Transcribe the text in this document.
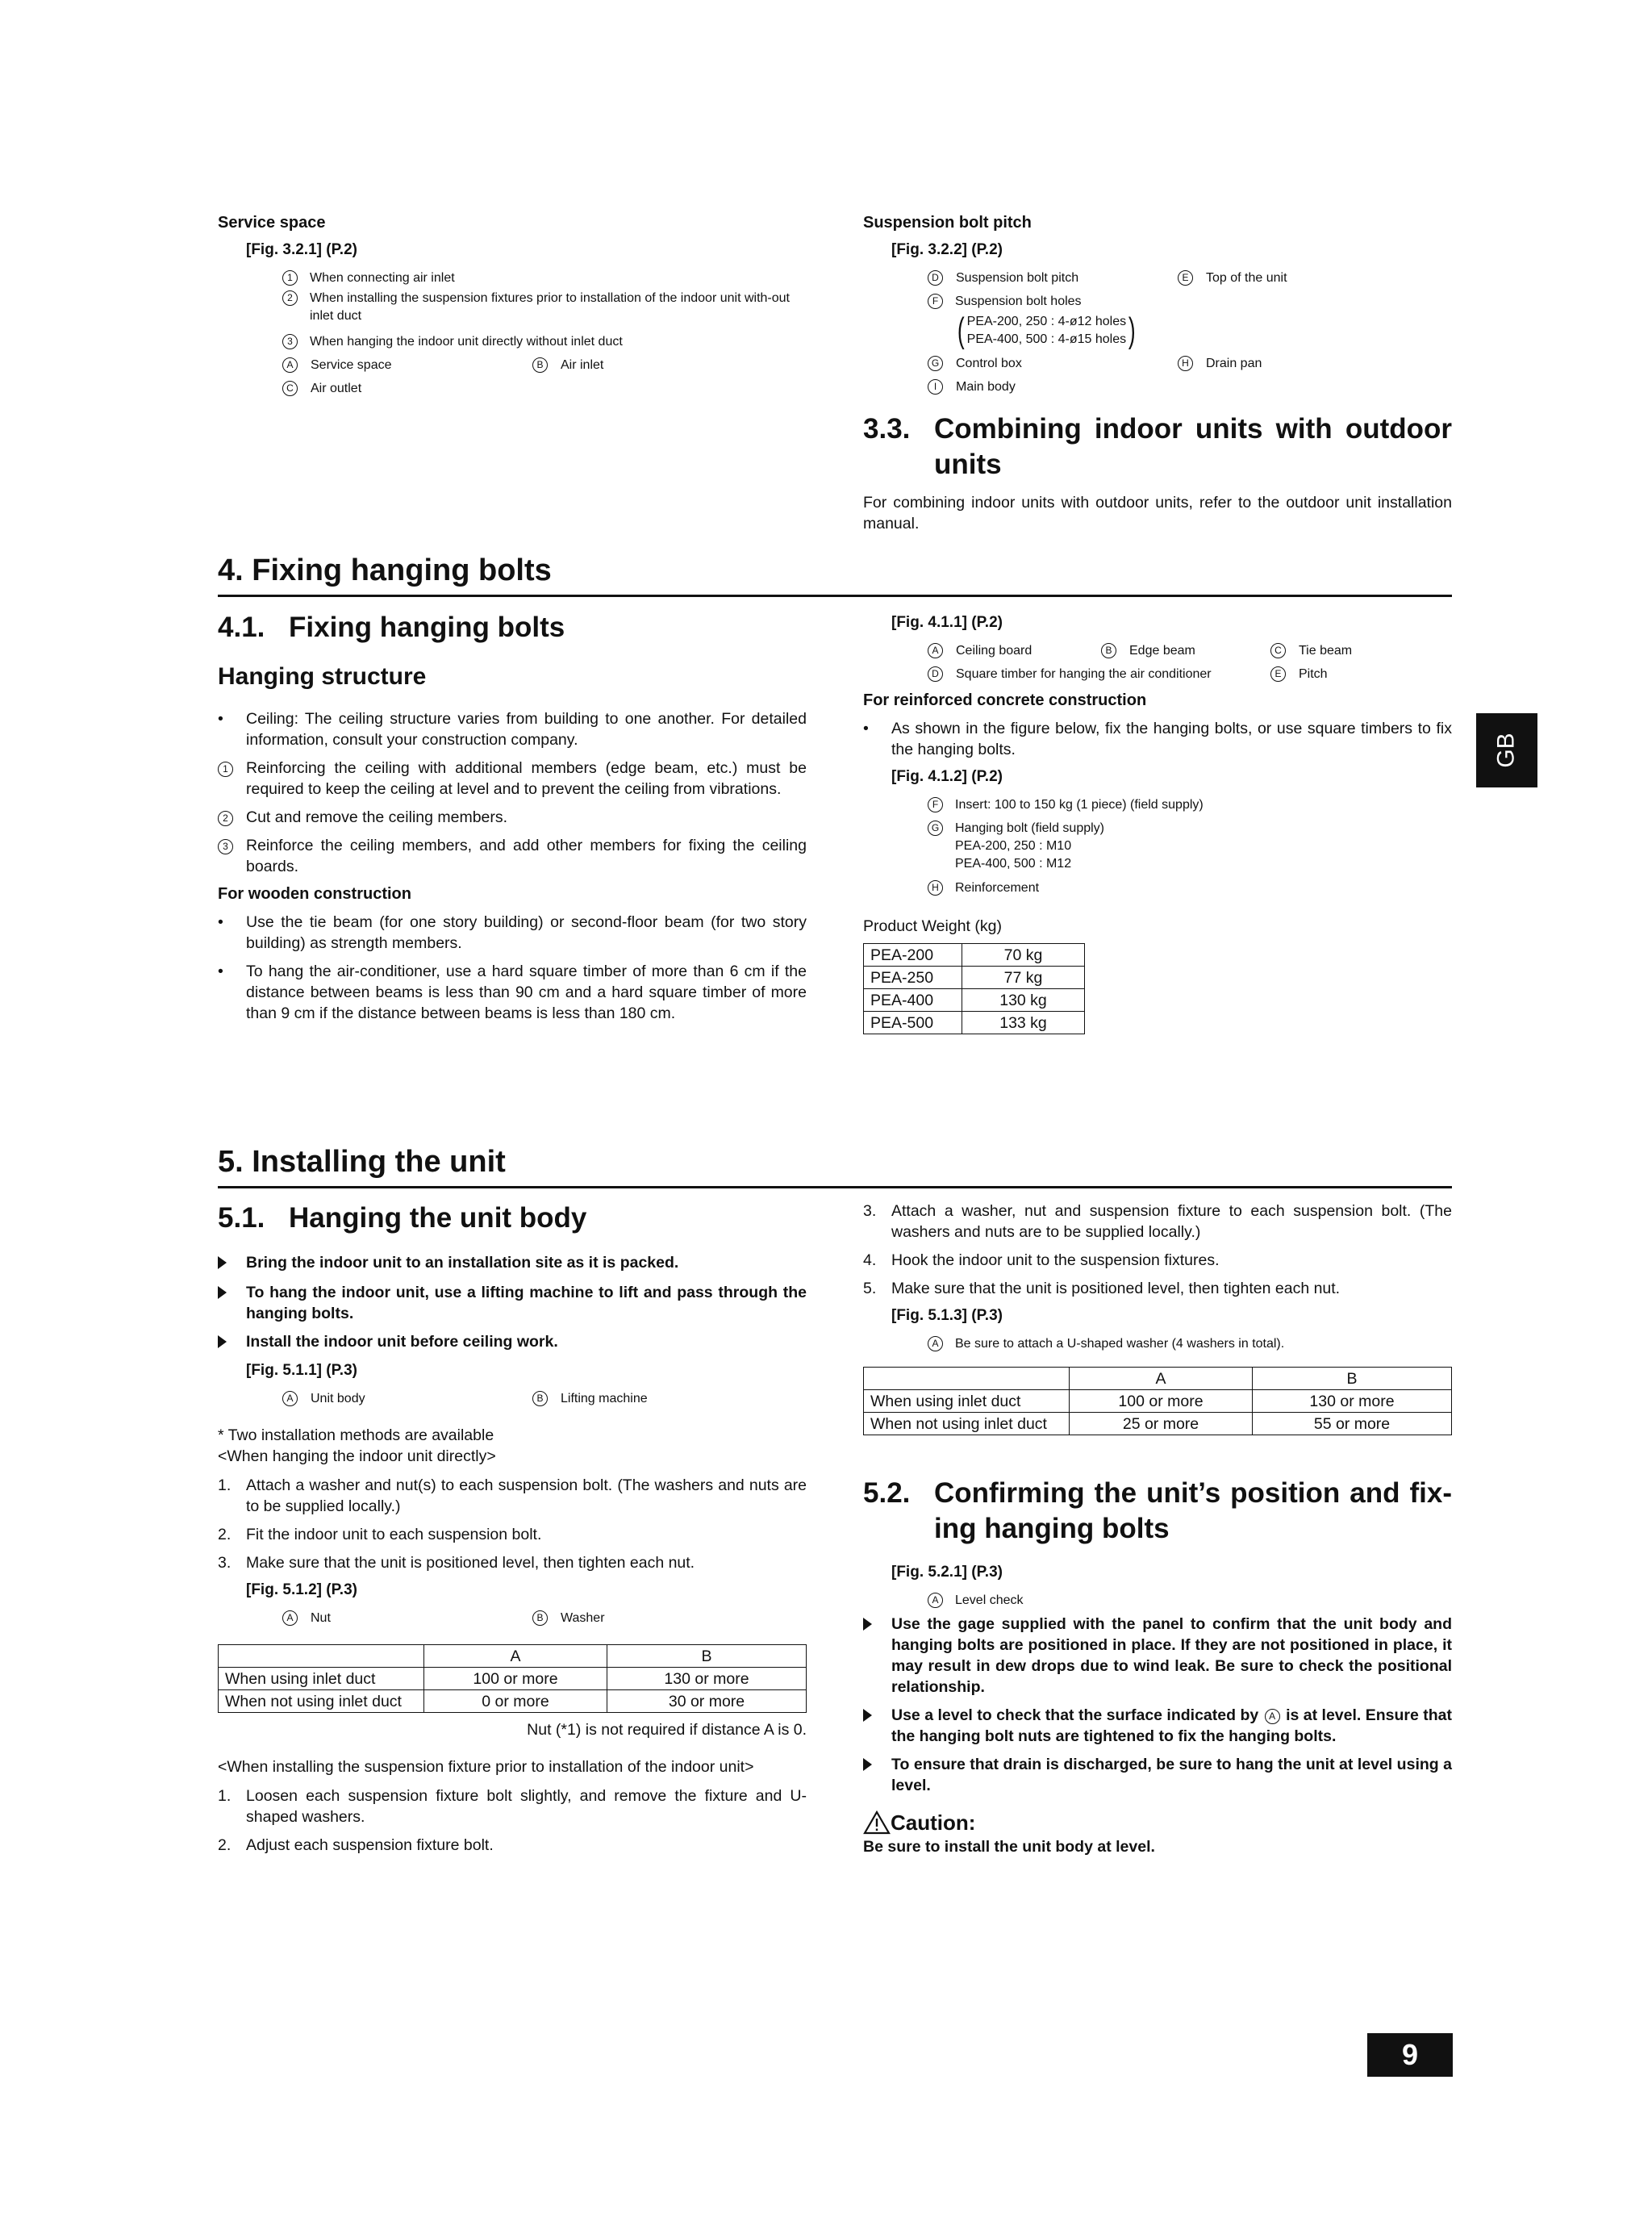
Service space
[Fig. 3.2.1] (P.2)
1	When connecting air inlet
2	When installing the suspension fixtures prior to installation of the indoor unit with-out inlet duct
3	When hanging the indoor unit directly without inlet duct
A Service space	B Air inlet
C Air outlet
Suspension bolt pitch
[Fig. 3.2.2] (P.2)
D Suspension bolt pitch	E Top of the unit
F	Suspension bolt holes
( PEA-200, 250 : 4-ø12 holes
PEA-400, 500 : 4-ø15 holes )
G Control box	H Drain pan
I Main body
3.3. Combining indoor units with outdoor units
For combining indoor units with outdoor units, refer to the outdoor unit installation manual.
4. Fixing hanging bolts
4.1. Fixing hanging bolts
Hanging structure
•	Ceiling: The ceiling structure varies from building to one another. For detailed information, consult your construction company.
1	Reinforcing the ceiling with additional members (edge beam, etc.) must be required to keep the ceiling at level and to prevent the ceiling from vibrations.
2	Cut and remove the ceiling members.
3	Reinforce the ceiling members, and add other members for fixing the ceiling boards.
For wooden construction
•	Use the tie beam (for one story building) or second-floor beam (for two story building) as strength members.
•	To hang the air-conditioner, use a hard square timber of more than 6 cm if the distance between beams is less than 90 cm and a hard square timber of more than 9 cm if the distance between beams is less than 180 cm.
[Fig. 4.1.1] (P.2)
A Ceiling board	B Edge beam	C Tie beam
D Square timber for hanging the air conditioner	E Pitch
For reinforced concrete construction
•	As shown in the figure below, fix the hanging bolts, or use square timbers to fix the hanging bolts.
[Fig. 4.1.2] (P.2)
F	Insert: 100 to 150 kg (1 piece) (field supply)
G	Hanging bolt (field supply)
PEA-200, 250 : M10
PEA-400, 500 : M12
H	Reinforcement
Product Weight (kg)
PEA-200	70 kg
PEA-250	77 kg
PEA-400	130 kg
PEA-500	133 kg
GB
5. Installing the unit
5.1. Hanging the unit body
Bring the indoor unit to an installation site as it is packed.
To hang the indoor unit, use a lifting machine to lift and pass through the hanging bolts.
Install the indoor unit before ceiling work.
[Fig. 5.1.1] (P.3)
A Unit body	B Lifting machine
* Two installation methods are available
<When hanging the indoor unit directly>
1. Attach a washer and nut(s) to each suspension bolt. (The washers and nuts are to be supplied locally.)
2. Fit the indoor unit to each suspension bolt.
3. Make sure that the unit is positioned level, then tighten each nut.
[Fig. 5.1.2] (P.3)
A Nut	B Washer
	A	B
When using inlet duct	100 or more	130 or more
When not using inlet duct	0 or more	30 or more
Nut (*1) is not required if distance A is 0.
<When installing the suspension fixture prior to installation of the indoor unit>
1. Loosen each suspension fixture bolt slightly, and remove the fixture and U-shaped washers.
2. Adjust each suspension fixture bolt.
3. Attach a washer, nut and suspension fixture to each suspension bolt. (The washers and nuts are to be supplied locally.)
4. Hook the indoor unit to the suspension fixtures.
5. Make sure that the unit is positioned level, then tighten each nut.
[Fig. 5.1.3] (P.3)
A	Be sure to attach a U-shaped washer (4 washers in total).
	A	B
When using inlet duct	100 or more	130 or more
When not using inlet duct	25 or more	55 or more
5.2. Confirming the unit’s position and fix-ing hanging bolts
[Fig. 5.2.1] (P.3)
A	Level check
Use the gage supplied with the panel to confirm that the unit body and hanging bolts are positioned in place. If they are not positioned in place, it may result in dew drops due to wind leak. Be sure to check the positional relationship.
Use a level to check that the surface indicated by A is at level. Ensure that the hanging bolt nuts are tightened to fix the hanging bolts.
To ensure that drain is discharged, be sure to hang the unit at level using a level.
Caution:
Be sure to install the unit body at level.
9
